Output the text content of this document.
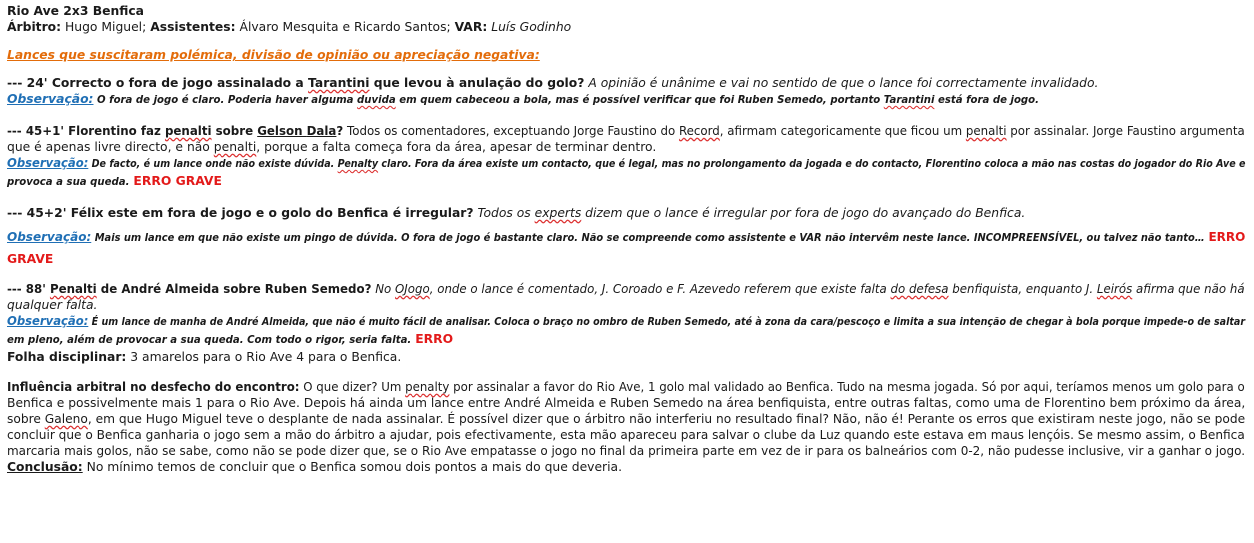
Rio Ave 2x3 Benfica
Árbitro: Hugo Miguel; Assistentes: Álvaro Mesquita e Ricardo Santos; VAR: Luís Godinho
Lances que suscitaram polémica, divisão de opinião ou apreciação negativa:
--- 24' Correcto o fora de jogo assinalado a Tarantini que levou à anulação do golo? A opinião é unânime e vai no sentido de que o lance foi correctamente invalidado.
Observação: O fora de jogo é claro. Poderia haver alguma duvida em quem cabeceou a bola, mas é possível verificar que foi Ruben Semedo, portanto Tarantini está fora de jogo.
--- 45+1' Florentino faz penalti sobre Gelson Dala? Todos os comentadores, exceptuando Jorge Faustino do Record, afirmam categoricamente que ficou um penalti por assinalar. Jorge Faustino argumenta
que é apenas livre directo, e não penalti, porque a falta começa fora da área, apesar de terminar dentro.
Observação: De facto, é um lance onde não existe dúvida. Penalty claro. Fora da área existe um contacto, que é legal, mas no prolongamento da jogada e do contacto, Florentino coloca a mão nas costas do jogador do Rio Ave e
provoca a sua queda. ERRO GRAVE
--- 45+2' Félix este em fora de jogo e o golo do Benfica é irregular? Todos os experts dizem que o lance é irregular por fora de jogo do avançado do Benfica.
Observação: Mais um lance em que não existe um pingo de dúvida. O fora de jogo é bastante claro. Não se compreende como assistente e VAR não intervêm neste lance. INCOMPREENSÍVEL, ou talvez não tanto… ERRO
GRAVE
--- 88' Penalti de André Almeida sobre Ruben Semedo? No OJogo, onde o lance é comentado, J. Coroado e F. Azevedo referem que existe falta do defesa benfiquista, enquanto J. Leirós afirma que não há
qualquer falta.
Observação: É um lance de manha de André Almeida, que não é muito fácil de analisar. Coloca o braço no ombro de Ruben Semedo, até à zona da cara/pescoço e limita a sua intenção de chegar à bola porque impede-o de saltar
em pleno, além de provocar a sua queda. Com todo o rigor, seria falta. ERRO
Folha disciplinar: 3 amarelos para o Rio Ave 4 para o Benfica.
Influência arbitral no desfecho do encontro: O que dizer? Um penalty por assinalar a favor do Rio Ave, 1 golo mal validado ao Benfica. Tudo na mesma jogada. Só por aqui, teríamos menos um golo para o
Benfica e possivelmente mais 1 para o Rio Ave. Depois há ainda um lance entre André Almeida e Ruben Semedo na área benfiquista, entre outras faltas, como uma de Florentino bem próximo da área,
sobre Galeno, em que Hugo Miguel teve o desplante de nada assinalar. É possível dizer que o árbitro não interferiu no resultado final? Não, não é! Perante os erros que existiram neste jogo, não se pode
concluir que o Benfica ganharia o jogo sem a mão do árbitro a ajudar, pois efectivamente, esta mão apareceu para salvar o clube da Luz quando este estava em maus lençóis. Se mesmo assim, o Benfica
marcaria mais golos, não se sabe, como não se pode dizer que, se o Rio Ave empatasse o jogo no final da primeira parte em vez de ir para os balneários com 0-2, não pudesse inclusive, vir a ganhar o jogo.
Conclusão: No mínimo temos de concluir que o Benfica somou dois pontos a mais do que deveria.
